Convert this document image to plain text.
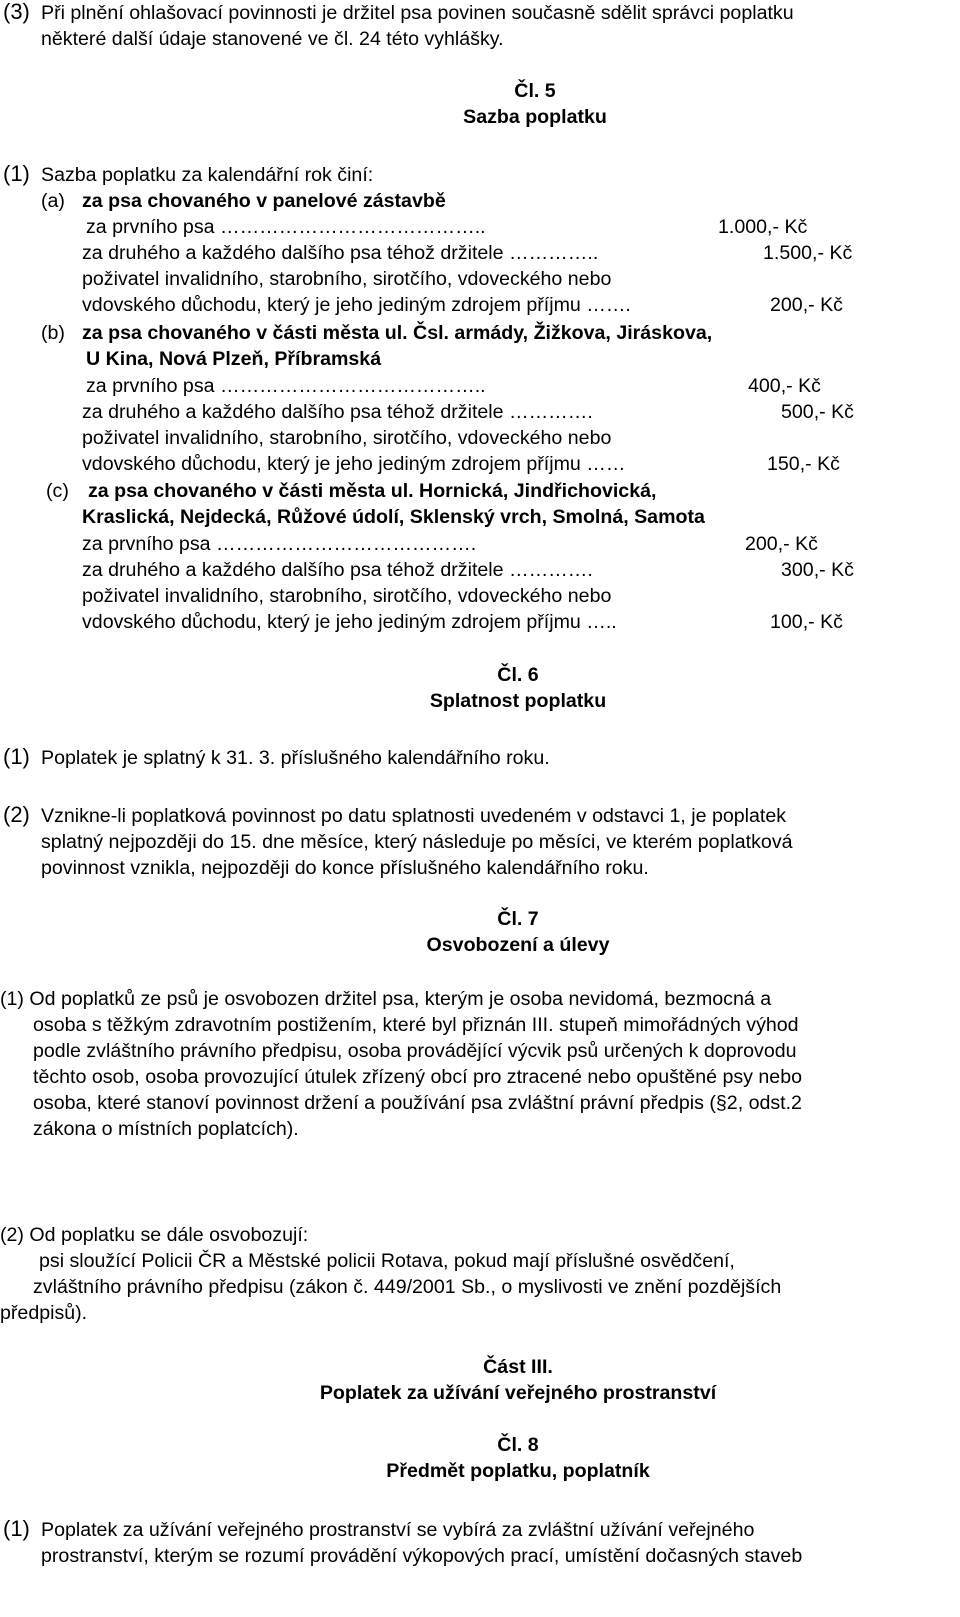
(3) Při plnění ohlašovací povinnosti je držitel psa povinen současně sdělit správci poplatku
některé další údaje stanovené ve čl. 24 této vyhlášky.
Čl. 5
Sazba poplatku
(1) Sazba poplatku za kalendářní rok činí:
(a) za psa chovaného v panelové zástavbě
za prvního psa …………………………………..	1.000,- Kč
za druhého a každého dalšího psa téhož držitele …………..	1.500,- Kč
poživatel invalidního, starobního, sirotčího, vdoveckého nebo
vdovského důchodu, který je jeho jediným zdrojem příjmu …….	200,- Kč
(b) za psa chovaného v části města ul. Čsl. armády, Žižkova, Jiráskova,
U Kina, Nová Plzeň, Příbramská
za prvního psa …………………………………..	400,- Kč
za druhého a každého dalšího psa téhož držitele ………….	500,- Kč
poživatel invalidního, starobního, sirotčího, vdoveckého nebo
vdovského důchodu, který je jeho jediným zdrojem příjmu ……	150,- Kč
(c) za psa chovaného v části města ul. Hornická, Jindřichovická,
Kraslická, Nejdecká, Růžové údolí, Sklenský vrch, Smolná, Samota
za prvního psa ………………………………….	200,- Kč
za druhého a každého dalšího psa téhož držitele ………….	300,- Kč
poživatel invalidního, starobního, sirotčího, vdoveckého nebo
vdovského důchodu, který je jeho jediným zdrojem příjmu …..	100,- Kč
Čl. 6
Splatnost poplatku
(1) Poplatek je splatný k 31. 3. příslušného kalendářního roku.
(2) Vznikne-li poplatková povinnost po datu splatnosti uvedeném v odstavci 1, je poplatek
splatný nejpozději do 15. dne měsíce, který následuje po měsíci, ve kterém poplatková
povinnost vznikla, nejpozději do konce příslušného kalendářního roku.
Čl. 7
Osvobození a úlevy
(1) Od poplatků ze psů je osvobozen držitel psa, kterým je osoba nevidomá, bezmocná a
osoba s těžkým zdravotním postižením, které byl přiznán III. stupeň mimořádných výhod
podle zvláštního právního předpisu, osoba provádějící výcvik psů určených k doprovodu
těchto osob, osoba provozující útulek zřízený obcí pro ztracené nebo opuštěné psy nebo
osoba, které stanoví povinnost držení a používání psa zvláštní právní předpis (§2, odst.2
zákona o místních poplatcích).
(2) Od poplatku se dále osvobozují:
psi sloužící Policii ČR a Městské policii Rotava, pokud mají příslušné osvědčení,
zvláštního právního předpisu (zákon č. 449/2001 Sb., o myslivosti ve znění pozdějších
předpisů).
Část III.
Poplatek za užívání veřejného prostranství
Čl. 8
Předmět poplatku, poplatník
(1) Poplatek za užívání veřejného prostranství se vybírá za zvláštní užívání veřejného
prostranství, kterým se rozumí provádění výkopových prací, umístění dočasných staveb
